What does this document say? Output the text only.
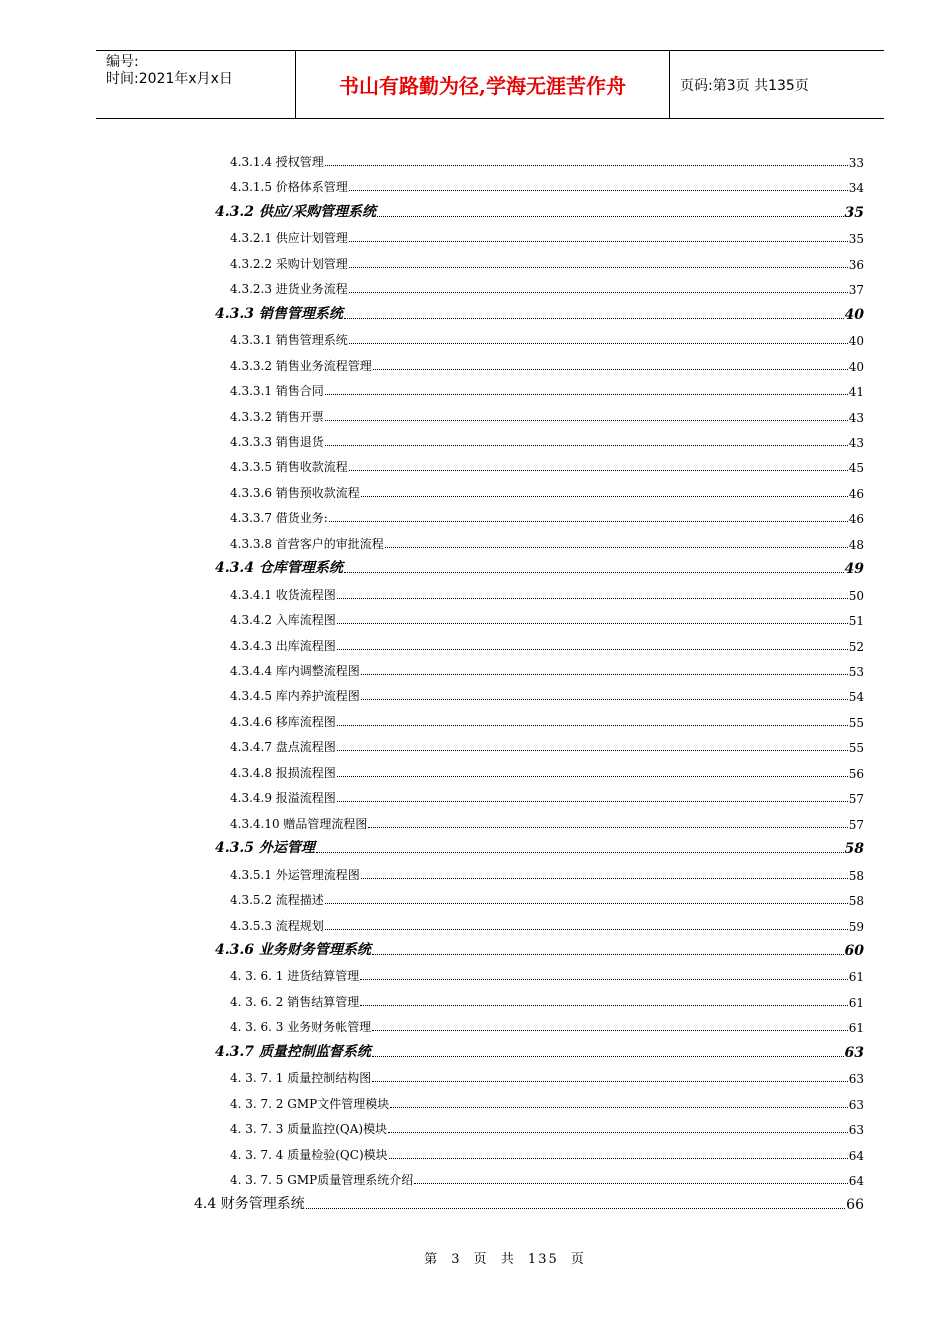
编号:
时间:2021年x月x日	书山有路勤为径,学海无涯苦作舟	页码:第3页 共135页
4.3.1.4 授权管理	33
4.3.1.5 价格体系管理	34
4.3.2 供应/采购管理系统	35
4.3.2.1 供应计划管理	35
4.3.2.2 采购计划管理	36
4.3.2.3 进货业务流程	37
4.3.3 销售管理系统	40
4.3.3.1 销售管理系统	40
4.3.3.2 销售业务流程管理	40
4.3.3.1 销售合同	41
4.3.3.2 销售开票	43
4.3.3.3 销售退货	43
4.3.3.5 销售收款流程	45
4.3.3.6 销售预收款流程	46
4.3.3.7 借货业务:	46
4.3.3.8 首营客户的审批流程	48
4.3.4 仓库管理系统	49
4.3.4.1 收货流程图	50
4.3.4.2 入库流程图	51
4.3.4.3 出库流程图	52
4.3.4.4 库内调整流程图	53
4.3.4.5 库内养护流程图	54
4.3.4.6 移库流程图	55
4.3.4.7 盘点流程图	55
4.3.4.8 报损流程图	56
4.3.4.9 报溢流程图	57
4.3.4.10 赠品管理流程图	57
4.3.5 外运管理	58
4.3.5.1 外运管理流程图	58
4.3.5.2 流程描述	58
4.3.5.3 流程规划	59
4.3.6 业务财务管理系统	60
4. 3. 6. 1 进货结算管理	61
4. 3. 6. 2 销售结算管理	61
4. 3. 6. 3 业务财务帐管理	61
4.3.7 质量控制监督系统	63
4. 3. 7. 1 质量控制结构图	63
4. 3. 7. 2 GMP文件管理模块	63
4. 3. 7. 3 质量监控(QA)模块	63
4. 3. 7. 4 质量检验(QC)模块	64
4. 3. 7. 5 GMP质量管理系统介绍	64
4.4 财务管理系统	66
第 3 页 共 135 页
